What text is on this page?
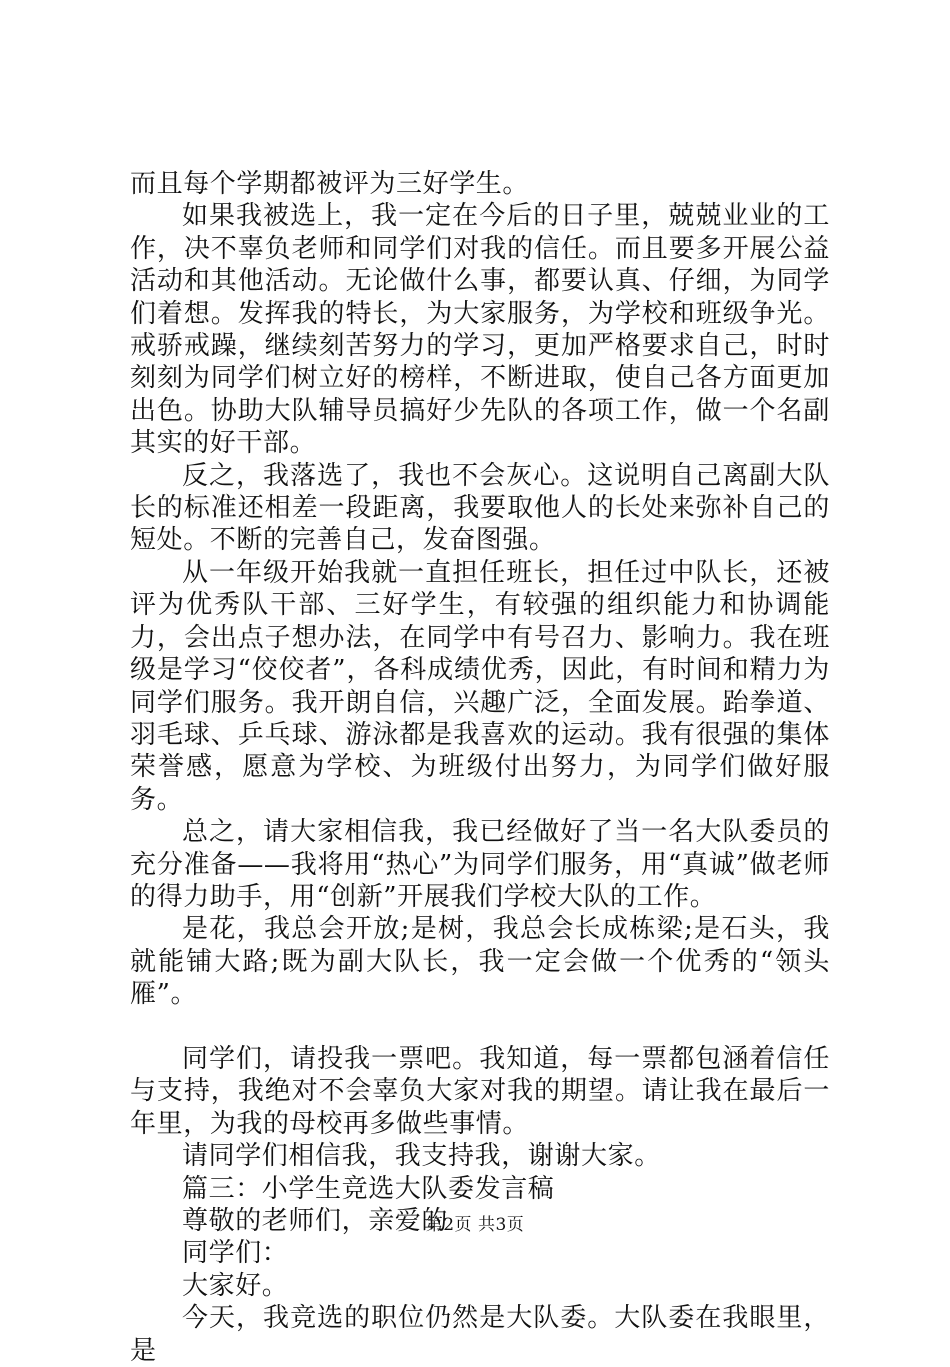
而且每个学期都被评为三好学生。

如果我被选上，我一定在今后的日子里，兢兢业业的工作，决不辜负老师和同学们对我的信任。而且要多开展公益活动和其他活动。无论做什么事，都要认真、仔细，为同学们着想。发挥我的特长，为大家服务，为学校和班级争光。戒骄戒躁，继续刻苦努力的学习，更加严格要求自己，时时刻刻为同学们树立好的榜样，不断进取，使自己各方面更加出色。协助大队辅导员搞好少先队的各项工作，做一个名副其实的好干部。

反之，我落选了，我也不会灰心。这说明自己离副大队长的标准还相差一段距离，我要取他人的长处来弥补自己的短处。不断的完善自己，发奋图强。

从一年级开始我就一直担任班长，担任过中队长，还被评为优秀队干部、三好学生，有较强的组织能力和协调能力，会出点子想办法，在同学中有号召力、影响力。我在班级是学习“佼佼者”，各科成绩优秀，因此，有时间和精力为同学们服务。我开朗自信，兴趣广泛，全面发展。跆拳道、羽毛球、乒乓球、游泳都是我喜欢的运动。我有很强的集体荣誉感，愿意为学校、为班级付出努力，为同学们做好服务。

总之，请大家相信我，我已经做好了当一名大队委员的充分准备——我将用“热心”为同学们服务，用“真诚”做老师的得力助手，用“创新”开展我们学校大队的工作。

是花，我总会开放;是树，我总会长成栋梁;是石头，我就能铺大路;既为副大队长，我一定会做一个优秀的“领头雁”。

同学们，请投我一票吧。我知道，每一票都包涵着信任与支持，我绝对不会辜负大家对我的期望。请让我在最后一年里，为我的母校再多做些事情。

请同学们相信我，我支持我，谢谢大家。

篇三：小学生竞选大队委发言稿

尊敬的老师们，亲爱的

同学们：

大家好。

今天，我竞选的职位仍然是大队委。大队委在我眼里，是

第2页 共3页
